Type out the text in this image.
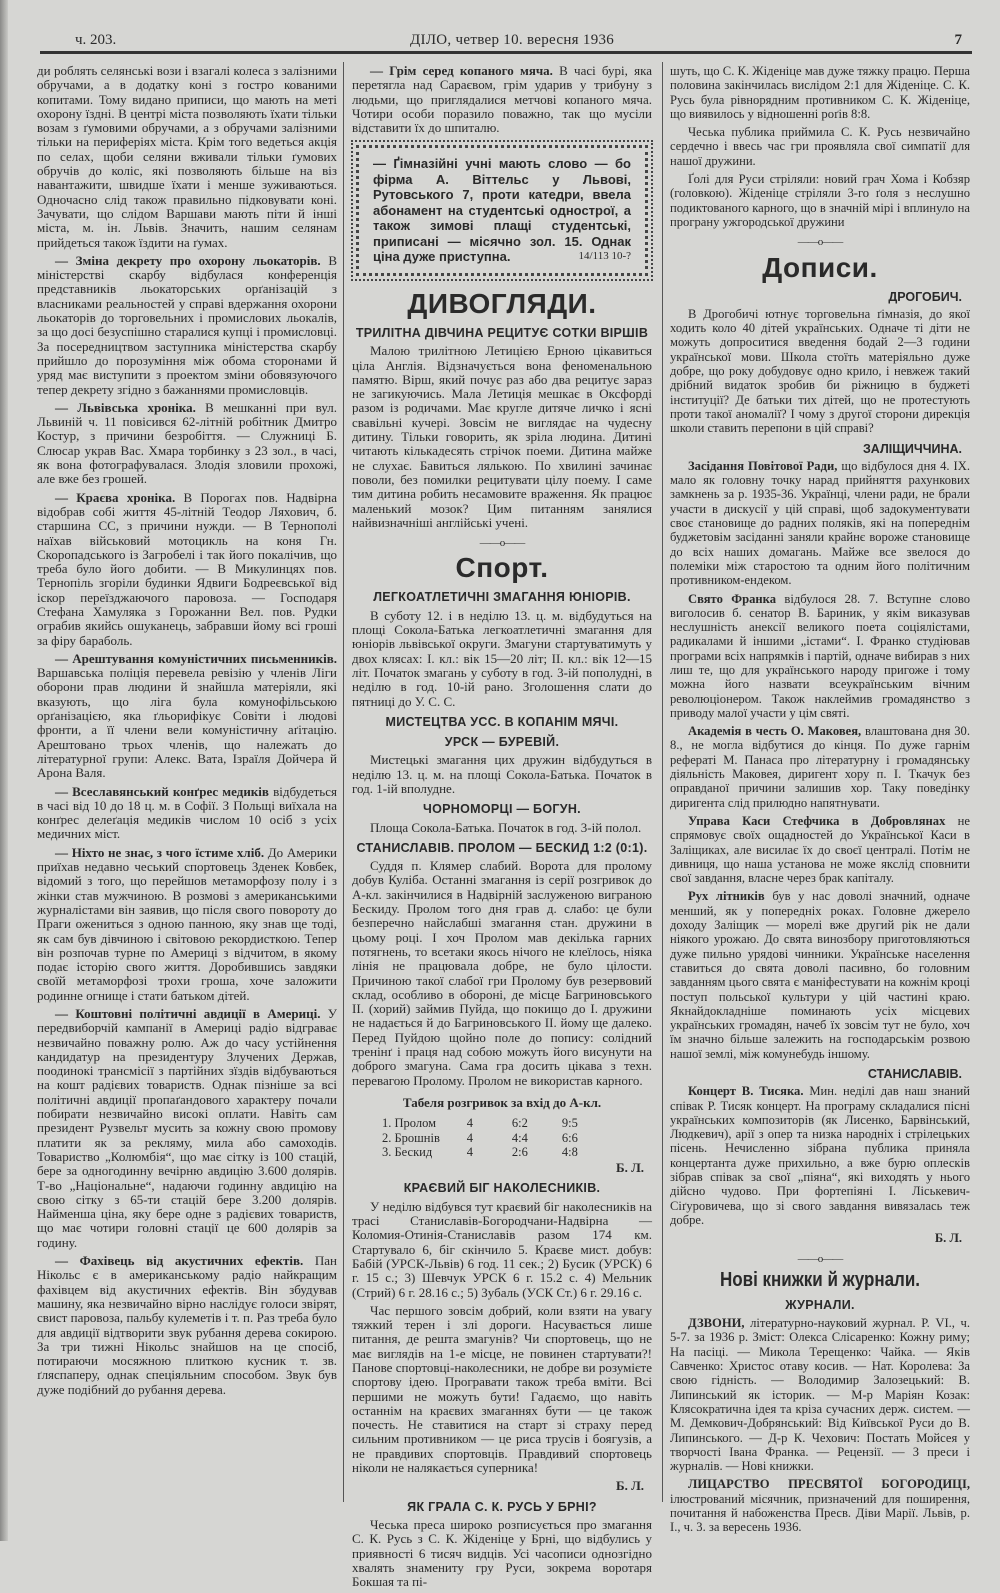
ч. 203.	ДІЛО, четвер 10. вересня 1936	7

ди роблять селянські вози і взагалі колеса з залізними обручами, а в додатку коні з гостро кованими копитами. Тому видано приписи, що мають на меті охорону їздні. В центрі міста позволяють їхати тільки возам з ґумовими обручами, а з обручами залізними тільки на периферіях міста. Крім того ведеться акція по селах, щоби селяни вживали тільки ґумових обручів до коліс, які позволяють більше на віз навантажити, швидше їхати і менше зуживаються. Одночасно слід також правильно підковувати коні. Зачувати, що слідом Варшави мають піти й інші міста, м. ін. Львів. Значить, нашим селянам прийдеться також їздити на ґумах.

— Зміна декрету про охорону льокаторів. В міністерстві скарбу відбулася конференція представників льокаторських орґанізацій з власниками реальностей у справі вдержання охорони льокаторів до торговельних і промислових льокалів, за що досі безуспішно старалися купці і промисловці. За посередництвом заступника міністерства скарбу прийшло до порозуміння між обома сторонами й уряд має виступити з проектом зміни обовязуючого тепер декрету згідно з бажаннями промисловців.

— Львівська хроніка. В мешканні при вул. Львиній ч. 11 повісився 62-літній робітник Дмитро Костур, з причини безробіття. — Служниці Б. Слюсар украв Вас. Хмара торбинку з 23 зол., в часі, як вона фотографувалася. Злодія зловили прохожі, але вже без грошей.

— Краєва хроніка. В Порогах пов. Надвірна відобрав собі життя 45-літній Теодор Ляхович, б. старшина СС, з причини нужди. — В Тернополі наїхав військовий мотоцикль на коня Гн. Скоропадського із Загробелі і так його покалічив, що треба було його добити. — В Микулинцях пов. Тернопіль згоріли будинки Ядвиги Бодреєвської від іскор переїзджаючого паровоза. — Господаря Стефана Хамуляка з Горожанни Вел. пов. Рудки ограбив якийсь ошуканець, забравши йому всі гроші за фіру бараболь.

— Арештування комуністичних письменників. Варшавська поліція перевела ревізію у членів Ліги оборони прав людини й знайшла матеріяли, які вказують, що ліга була комунофільською орґанізацією, яка ґльорифікує Совіти і людові фронти, а її члени вели комуністичну аґітацію. Арештовано трьох членів, що належать до літературної групи: Алекс. Вата, Ізраїля Дойчера й Арона Валя.

— Всеславянський конґрес медиків відбудеться в часі від 10 до 18 ц. м. в Софії. З Польщі виїхала на конґрес делеґація медиків числом 10 осіб з усіх медичних міст.

— Ніхто не знає, з чого їстиме хліб. До Америки приїхав недавно чеський спортовець Зденек Ковбек, відомий з того, що перейшов метаморфозу полу і з жінки став мужчиною. В розмові з американськими журналістами він заявив, що після свого повороту до Праги ожениться з одною панною, яку знав ще тоді, як сам був дівчиною і світовою рекордисткою. Тепер він розпочав турне по Америці з відчитом, в якому подає історію свого життя. Доробившись завдяки своїй метаморфозі трохи гроша, хоче заложити родинне огнище і стати батьком дітей.

— Коштовні політичні авдиції в Америці. У передвиборчій кампанії в Америці радіо відграває незвичайно поважну ролю. Аж до часу устійнення кандидатур на президентуру Злучених Держав, поодинокі трансмісії з партійних зїздів відбуваються на кошт радієвих товариств. Однак пізніше за всі політичні авдиції пропаґандового характеру почали побирати незвичайно високі оплати. Навіть сам президент Рузвельт мусить за кожну свою промову платити як за рекляму, мила або самоходів. Товариство „Колюмбія“, що має сітку із 100 стацій, бере за одногодинну вечірню авдицію 3.600 долярів. Т-во „Національне“, надаючи годинну авдицію на свою сітку з 65-ти стацій бере 3.200 долярів. Найменша ціна, яку бере одне з радієвих товариств, що має чотири головні стації це 600 долярів за годину.

— Фахівець від акустичних ефектів. Пан Нікольс є в американському радіо найкращим фахівцем від акустичних ефектів. Він збудував машину, яка незвичайно вірно наслідує голоси звірят, свист паровоза, пальбу кулеметів і т. п. Раз треба було для авдиції відтворити звук рубання дерева сокирою. За три тижні Нікольс знайшов на це спосіб, потираючи мосяжною плиткою кусник т. зв. ґляспаперу, однак спеціяльним способом. Звук був дуже подібний до рубання дерева.

— Грім серед копаного мяча. В часі бурі, яка перетягла над Сараєвом, грім ударив у трибуну з людьми, що приглядалися метчові копаного мяча. Чотири особи поразило поважно, так що мусіли відставити їх до шпиталю.

— Ґімназійні учні мають слово — бо фірма А. Віттельс у Львові, Рутовського 7, проти катедри, ввела абонамент на студентські однострої, а також зимові плащі студентські, приписані — місячно зол. 15. Однак ціна дуже приступна.	14/113 10-?
ДИВОГЛЯДИ.
ТРИЛІТНА ДІВЧИНА РЕЦИТУЄ СОТКИ ВІРШІВ

Малою трилітною Летицією Ерною цікавиться ціла Англія. Відзначується вона феноменальною памятю. Вірш, який почує раз або два рецитує зараз не загикуючись. Мала Летиція мешкає в Оксфорді разом із родичами. Має кругле дитяче личко і ясні свавільні кучері. Зовсім не виглядає на чудесну дитину. Тільки говорить, як зріла людина. Дитині читають кількадесять стрічок поеми. Дитина майже не слухає. Бавиться лялькою. По хвилині зачинає поволи, без помилки рецитувати цілу поему. І саме тим дитина робить несамовите враження. Як працює маленький мозок? Цим питанням занялися найвизначніші англійські учені.

——o——
Спорт.
ЛЕГКОАТЛЕТИЧНІ ЗМАГАННЯ ЮНІОРІВ.

В суботу 12. і в неділю 13. ц. м. відбудуться на площі Сокола-Батька легкоатлетичні змагання для юніорів львівської округи. Змагуни стартуватимуть у двох клясах: І. кл.: вік 15—20 літ; ІІ. кл.: вік 12—15 літ. Початок змагань у суботу в год. 3-ій пополудні, в неділю в год. 10-ій рано. Зголошення слати до пятниці до У. С. С.

МИСТЕЦТВА УСС. В КОПАНІМ МЯЧІ.
УРСК — БУРЕВІЙ.

Мистецькі змагання цих дружин відбудуться в неділю 13. ц. м. на площі Сокола-Батька. Початок в год. 1-ій вполудне.

ЧОРНОМОРЦІ — БОГУН.

Площа Сокола-Батька. Початок в год. 3-ій полол.

СТАНИСЛАВІВ. ПРОЛОМ — БЕСКИД 1:2 (0:1).

Суддя п. Клямер слабий. Ворота для пролому добув Куліба. Останні змагання із серії розгривок до А-кл. закінчилися в Надвірній заслуженою виграною Бескиду. Пролом того дня грав д. слабо: це були безперечно найслабші змагання стан. дружини в цьому році. І хоч Пролом мав декілька гарних потягнень, то всетаки якось нічого не клеїлось, ніяка лінія не працювала добре, не було цілости. Причиною такої слабої гри Пролому був резервовий склад, особливо в обороні, де місце Багриновського ІІ. (хорий) займив Пуйда, що покищо до І. дружини не надається й до Багриновського ІІ. йому ще далеко. Перед Пуйдою щойно поле до попису: солідний тренінґ і праця над собою можуть його висунути на доброго змагуна. Сама гра досить цікава з техн. перевагою Пролому. Пролом не використав карного.

Табеля розгривок за вхід до А-кл.
1. Пролом	4	6:2	9:5
2. Брошнів	4	4:4	6:6
3. Бескид	4	2:6	4:8
Б. Л.
КРАЄВИЙ БІГ НАКОЛЕСНИКІВ.

У неділю відбувся тут краєвий біг наколесників на трасі Станиславів-Богородчани-Надвірна — Коломия-Отинія-Станиславів разом 174 км. Стартувало 6, біг скінчило 5. Краєве мист. добув: Бабій (УРСК-Львів) 6 год. 11 сек.; 2) Бусик (УРСК) 6 г. 15 с.; 3) Шевчук УРСК 6 г. 15.2 с. 4) Мельник (Стрий) 6 г. 28.16 с.; 5) Зубаль (УСК Ст.) 6 г. 29.16 с.

Час першого зовсім добрий, коли взяти на увагу тяжкий терен і злі дороги. Насувається лише питання, де решта змагунів? Чи спортовець, що не має виглядів на 1-е місце, не повинен стартувати?! Панове спортовці-наколесники, не добре ви розумієте спортову ідею. Програвати також треба вміти. Всі першими не можуть бути! Гадаємо, що навіть останнім на краєвих змаганнях бути — це також почесть. Не ставитися на старт зі страху перед сильним противником — це риса трусів і боягузів, а не правдивих спортовців. Правдивий спортовець ніколи не налякається суперника!

Б. Л.
ЯК ГРАЛА С. К. РУСЬ У БРНІ?

Чеська преса широко розписується про змагання С. К. Русь з С. К. Жіденіце у Брні, що відбулись у приявності 6 тисяч видців. Усі часописи однозгідно хвалять знамениту гру Руси, зокрема воротаря Бокшая та пі-

шуть, що С. К. Жіденіце мав дуже тяжку працю. Перша половина закінчилась вислідом 2:1 для Жіденіце. С. К. Русь була рівнорядним противником С. К. Жіденіце, що виявилось у відношенні роґів 8:8.

Чеська публика приймила С. К. Русь незвичайно сердечно і ввесь час гри проявляла свої симпатії для нашої дружини.

Ґолі для Руси стріляли: новий грач Хома і Кобзяр (головкою). Жіденіце стріляли 3-го ґоля з неслушно подиктованого карного, що в значній мірі і вплинуло на програну ужгородської дружини

——o——
Дописи.
ДРОГОБИЧ.

В Дрогобичі ютнує торговельна ґімназія, до якої ходить коло 40 дітей українських. Одначе ті діти не можуть допроситися введення бодай 2—3 години української мови. Школа стоїть матеріяльно дуже добре, що року добудовує одно крило, і невжеж такий дрібний видаток зробив би ріжницю в буджеті інституції? Де батьки тих дітей, що не протестують проти такої аномалії? І чому з другої сторони дирекція школи ставить перепони в цій справі?

ЗАЛІЩИЧЧИНА.

Засідання Повітової Ради, що відбулося дня 4. IX. мало як головну точку нарад прийняття рахункових замкнень за р. 1935-36. Українці, члени ради, не брали участи в дискусії у цій справі, щоб задокументувати своє становище до радних поляків, які на попереднім буджетовім засіданні заняли крайнє вороже становище до всіх наших домагань. Майже все звелося до полеміки між старостою та одним його політичним противником-ендеком.

Свято Франка відбулося 28. 7. Вступне слово виголосив б. сенатор В. Бариник, у якім виказував неслушність анексії великого поета соціялістами, радикалами й іншими „істами“. І. Франко студіював програми всіх напрямків і партій, одначе вибирав з них лиш те, що для українського народу пригоже і тому можна його назвати всеукраїнським вічним революціонером. Також наклеймив громадянство з приводу малої участи у цім святі.

Академія в честь О. Маковея, влаштована дня 30. 8., не могла відбутися до кінця. По дуже гарнім рефераті М. Панаса про літературну і громадянську діяльність Маковея, диригент хору п. І. Ткачук без оправданої причини залишив хор. Таку поведінку диригента слід прилюдно напятнувати.

Управа Каси Стефчика в Добровлянах не спрямовує своїх ощадностей до Української Каси в Заліщиках, але висилає їх до своєї централі. Потім не дивниця, що наша установа не може якслід сповнити свої завдання, власне через брак капіталу.

Рух літників був у нас доволі значний, одначе менший, як у попередніх роках. Головне джерело доходу Заліщик — морелі вже другий рік не дали ніякого урожаю. До свята винозбору приготовляються дуже пильно урядові чинники. Українське населення ставиться до свята доволі пасивно, бо головним завданням цього свята є маніфестувати на кожнім кроці поступ польської культури у цій частині краю. Якнайдокладніше поминають усіх місцевих українських громадян, начеб їх зовсім тут не було, хоч їм значно більше залежить на господарськім розвою нашої землі, між комунебудь іншому.

СТАНИСЛАВІВ.

Концерт В. Тисяка. Мин. неділі дав наш знаний співак Р. Тисяк концерт. На програму складалися пісні українських композиторів (як Лисенко, Барвінський, Людкевич), арії з опер та низка народніх і стрілецьких пісень. Нечисленно зібрана публика приняла концертанта дуже прихильно, а вже бурю оплесків зібрав співак за свої „піяна“, які виходять у нього дійсно чудово. При фортепіяні І. Ліськевич-Сіґуровичева, що зі свого завдання вивязалась теж добре.

Б. Л.
——o——
Нові книжки й журнали.
ЖУРНАЛИ.

ДЗВОНИ, літературно-науковий журнал. Р. VI., ч. 5-7. за 1936 р. Зміст: Олекса Слісаренко: Кожну риму; На пасіці. — Микола Терещенко: Чайка. — Яків Савченко: Христос отаву косив. — Нат. Королева: За свою гідність. — Володимир Залозецький: В. Липинський як історик. — М-р Маріян Козак: Клясократична ідея та кріза сучасних держ. систем. — М. Демкович-Добрянський: Від Київської Руси до В. Липинського. — Д-р К. Чехович: Постать Мойсея у творчості Івана Франка. — Рецензії. — З преси і журналів. — Нові книжки.

ЛИЦАРСТВО ПРЕСВЯТОЇ БОГОРОДИЦІ, ілюстрований місячник, призначений для поширення, почитання й набоженства Пресв. Діви Марії. Львів, р. І., ч. 3. за вересень 1936.
